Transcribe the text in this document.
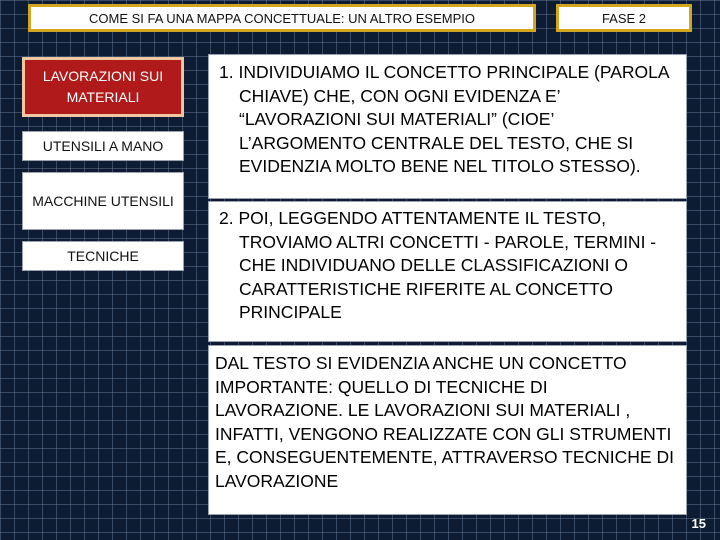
COME SI FA UNA MAPPA CONCETTUALE: UN ALTRO ESEMPIO	FASE 2
LAVORAZIONI SUI MATERIALI
UTENSILI A MANO
MACCHINE UTENSILI
TECNICHE
1. INDIVIDUIAMO IL CONCETTO PRINCIPALE (PAROLA CHIAVE) CHE, CON OGNI EVIDENZA E’ “LAVORAZIONI SUI MATERIALI” (CIOE’ L’ARGOMENTO CENTRALE DEL TESTO, CHE SI EVIDENZIA MOLTO BENE NEL TITOLO STESSO).
2. POI, LEGGENDO ATTENTAMENTE IL TESTO, TROVIAMO ALTRI CONCETTI - PAROLE, TERMINI - CHE INDIVIDUANO DELLE CLASSIFICAZIONI O CARATTERISTICHE RIFERITE AL CONCETTO PRINCIPALE
DAL TESTO SI EVIDENZIA ANCHE UN CONCETTO IMPORTANTE: QUELLO DI TECNICHE DI LAVORAZIONE. LE LAVORAZIONI SUI MATERIALI , INFATTI, VENGONO REALIZZATE CON GLI STRUMENTI E, CONSEGUENTEMENTE, ATTRAVERSO TECNICHE DI LAVORAZIONE
15
